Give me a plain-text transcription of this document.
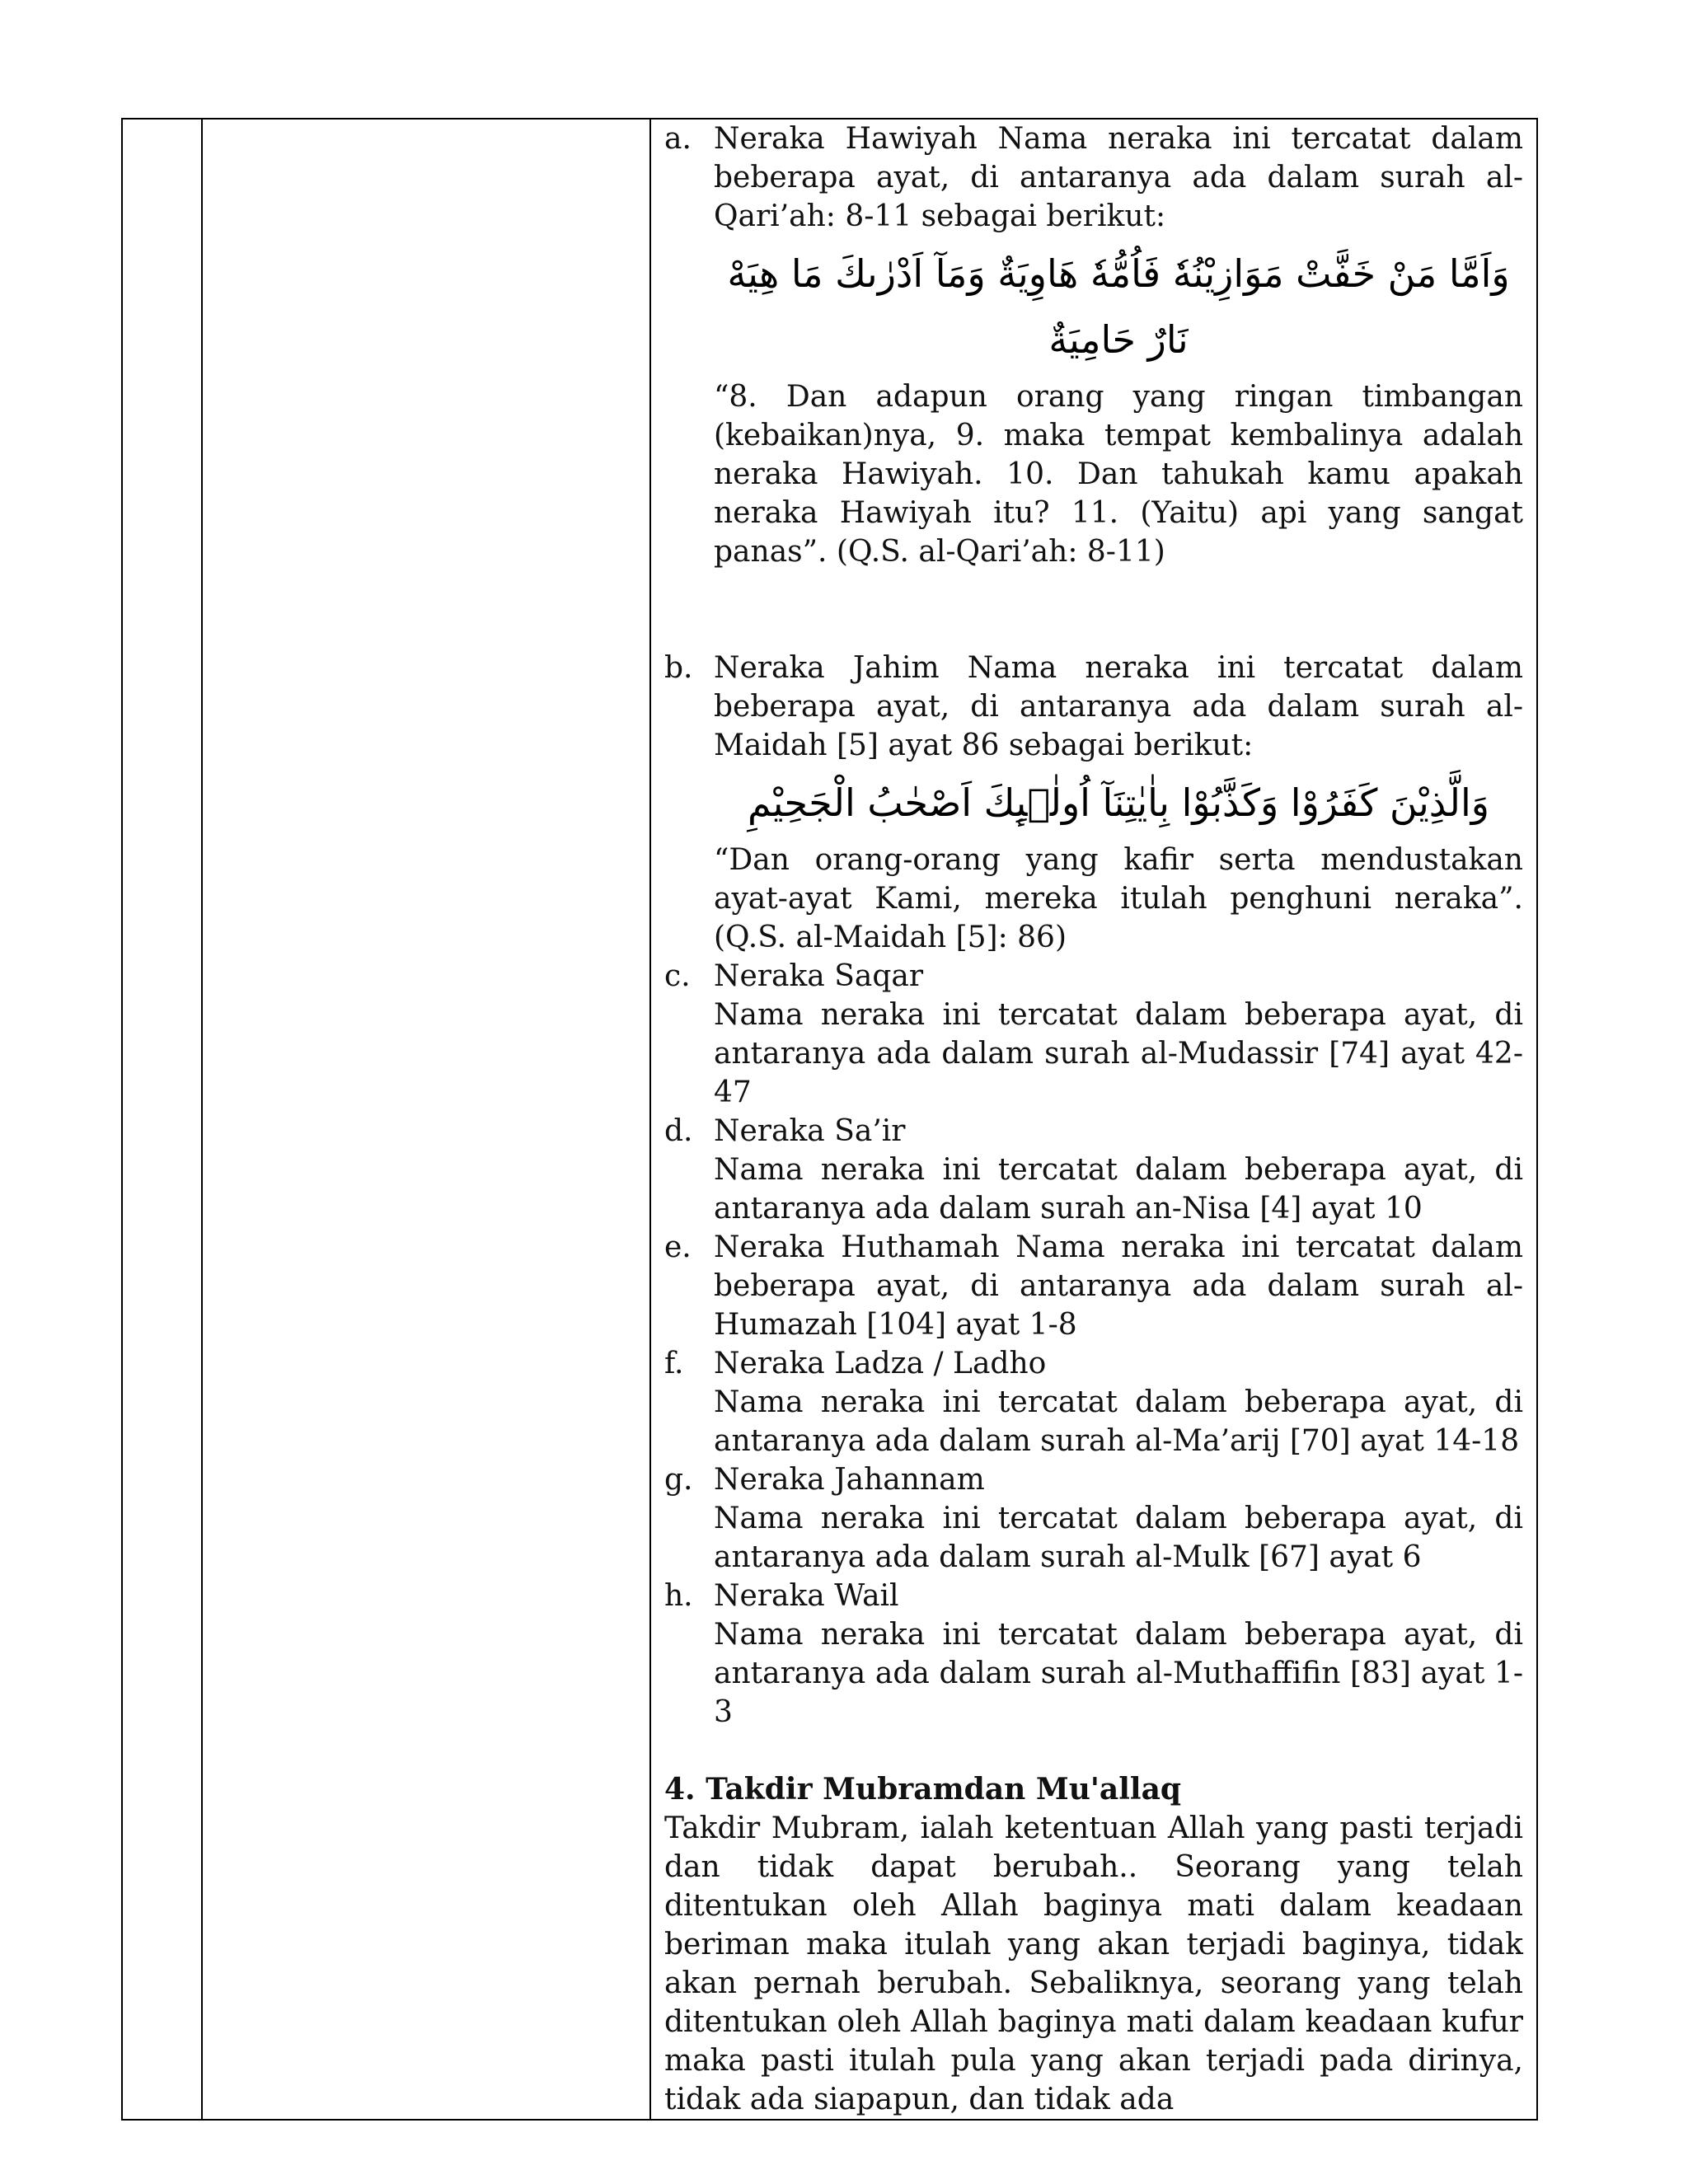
a. Neraka Hawiyah Nama neraka ini tercatat dalam beberapa ayat, di antaranya ada dalam surah al-Qari’ah: 8-11 sebagai berikut:
وَاَمَّا مَنْ خَفَّتْ مَوَازِيْنُهٗ فَاُمُّهٗ هَاوِيَةٌ وَمَآ اَدْرٰىكَ مَا هِيَهْ نَارٌ حَامِيَةٌ
“8. Dan adapun orang yang ringan timbangan (kebaikan)nya, 9. maka tempat kembalinya adalah neraka Hawiyah. 10. Dan tahukah kamu apakah neraka Hawiyah itu? 11. (Yaitu) api yang sangat panas”. (Q.S. al-Qari’ah: 8-11)
b. Neraka Jahim Nama neraka ini tercatat dalam beberapa ayat, di antaranya ada dalam surah al-Maidah [5] ayat 86 sebagai berikut:
وَالَّذِيْنَ كَفَرُوْا وَكَذَّبُوْا بِاٰيٰتِنَآ اُولٰۤىِٕكَ اَصْحٰبُ الْجَحِيْمِ
“Dan orang-orang yang kafir serta mendustakan ayat-ayat Kami, mereka itulah penghuni neraka”. (Q.S. al-Maidah [5]: 86)
c. Neraka Saqar
Nama neraka ini tercatat dalam beberapa ayat, di antaranya ada dalam surah al-Mudassir [74] ayat 42-47
d. Neraka Sa’ir
Nama neraka ini tercatat dalam beberapa ayat, di antaranya ada dalam surah an-Nisa [4] ayat 10
e. Neraka Huthamah Nama neraka ini tercatat dalam beberapa ayat, di antaranya ada dalam surah al-Humazah [104] ayat 1-8
f. Neraka Ladza / Ladho
Nama neraka ini tercatat dalam beberapa ayat, di antaranya ada dalam surah al-Ma’arij [70] ayat 14-18
g. Neraka Jahannam
Nama neraka ini tercatat dalam beberapa ayat, di antaranya ada dalam surah al-Mulk [67] ayat 6
h. Neraka Wail
Nama neraka ini tercatat dalam beberapa ayat, di antaranya ada dalam surah al-Muthaffifin [83] ayat 1-3
4. Takdir Mubramdan Mu'allaq
Takdir Mubram, ialah ketentuan Allah yang pasti terjadi dan tidak dapat berubah.. Seorang yang telah ditentukan oleh Allah baginya mati dalam keadaan beriman maka itulah yang akan terjadi baginya, tidak akan pernah berubah. Sebaliknya, seorang yang telah ditentukan oleh Allah baginya mati dalam keadaan kufur maka pasti itulah pula yang akan terjadi pada dirinya, tidak ada siapapun, dan tidak ada
